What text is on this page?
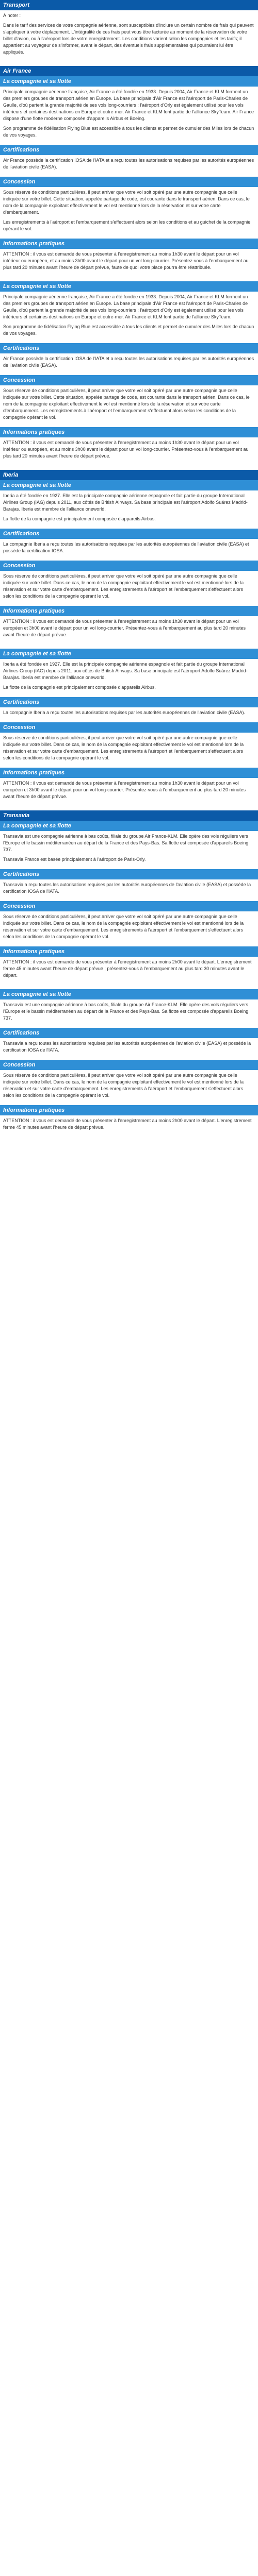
Transport

À noter :

Dans le tarif des services de votre compagnie aérienne, sont susceptibles d'inclure un certain nombre de frais qui peuvent s'appliquer à votre déplacement. L'intégralité de ces frais peut vous être facturée au moment de la réservation de votre billet d'avion, ou à l'aéroport lors de votre enregistrement. Les conditions varient selon les compagnies et les tarifs; il appartient au voyageur de s'informer, avant le départ, des éventuels frais supplémentaires qui pourraient lui être appliqués.

Air France
La compagnie et sa flotte

Principale compagnie aérienne française, Air France a été fondée en 1933. Depuis 2004, Air France et KLM forment un des premiers groupes de transport aérien en Europe. La base principale d'Air France est l'aéroport de Paris-Charles de Gaulle, d'où partent la grande majorité de ses vols long-courriers ; l'aéroport d'Orly est également utilisé pour les vols intérieurs et certaines destinations en Europe et outre-mer. Air France et KLM font partie de l'alliance SkyTeam. Air France dispose d'une flotte moderne composée d'appareils Airbus et Boeing.

Son programme de fidélisation Flying Blue est accessible à tous les clients et permet de cumuler des Miles lors de chacun de vos voyages.

Certifications

Air France possède la certification IOSA de l'IATA et a reçu toutes les autorisations requises par les autorités européennes de l'aviation civile (EASA).

Concession

Sous réserve de conditions particulières, il peut arriver que votre vol soit opéré par une autre compagnie que celle indiquée sur votre billet. Cette situation, appelée partage de code, est courante dans le transport aérien. Dans ce cas, le nom de la compagnie exploitant effectivement le vol est mentionné lors de la réservation et sur votre carte d'embarquement.

Les enregistrements à l'aéroport et l'embarquement s'effectuent alors selon les conditions et au guichet de la compagnie opérant le vol.

Informations pratiques

ATTENTION : il vous est demandé de vous présenter à l'enregistrement au moins 1h30 avant le départ pour un vol intérieur ou européen, et au moins 3h00 avant le départ pour un vol long-courrier. Présentez-vous à l'embarquement au plus tard 20 minutes avant l'heure de départ prévue, faute de quoi votre place pourra être réattribuée.

La compagnie et sa flotte

Principale compagnie aérienne française, Air France a été fondée en 1933. Depuis 2004, Air France et KLM forment un des premiers groupes de transport aérien en Europe. La base principale d'Air France est l'aéroport de Paris-Charles de Gaulle, d'où partent la grande majorité de ses vols long-courriers ; l'aéroport d'Orly est également utilisé pour les vols intérieurs et certaines destinations en Europe et outre-mer. Air France et KLM font partie de l'alliance SkyTeam.

Son programme de fidélisation Flying Blue est accessible à tous les clients et permet de cumuler des Miles lors de chacun de vos voyages.

Certifications

Air France possède la certification IOSA de l'IATA et a reçu toutes les autorisations requises par les autorités européennes de l'aviation civile (EASA).

Concession

Sous réserve de conditions particulières, il peut arriver que votre vol soit opéré par une autre compagnie que celle indiquée sur votre billet. Cette situation, appelée partage de code, est courante dans le transport aérien. Dans ce cas, le nom de la compagnie exploitant effectivement le vol est mentionné lors de la réservation et sur votre carte d'embarquement. Les enregistrements à l'aéroport et l'embarquement s'effectuent alors selon les conditions de la compagnie opérant le vol.

Informations pratiques

ATTENTION : il vous est demandé de vous présenter à l'enregistrement au moins 1h30 avant le départ pour un vol intérieur ou européen, et au moins 3h00 avant le départ pour un vol long-courrier. Présentez-vous à l'embarquement au plus tard 20 minutes avant l'heure de départ prévue.

Iberia
La compagnie et sa flotte

Iberia a été fondée en 1927. Elle est la principale compagnie aérienne espagnole et fait partie du groupe International Airlines Group (IAG) depuis 2011, aux côtés de British Airways. Sa base principale est l'aéroport Adolfo Suárez Madrid-Barajas. Iberia est membre de l'alliance oneworld.

La flotte de la compagnie est principalement composée d'appareils Airbus.

Certifications

La compagnie Iberia a reçu toutes les autorisations requises par les autorités européennes de l'aviation civile (EASA) et possède la certification IOSA.

Concession

Sous réserve de conditions particulières, il peut arriver que votre vol soit opéré par une autre compagnie que celle indiquée sur votre billet. Dans ce cas, le nom de la compagnie exploitant effectivement le vol est mentionné lors de la réservation et sur votre carte d'embarquement. Les enregistrements à l'aéroport et l'embarquement s'effectuent alors selon les conditions de la compagnie opérant le vol.

Informations pratiques

ATTENTION : il vous est demandé de vous présenter à l'enregistrement au moins 1h30 avant le départ pour un vol européen et 3h00 avant le départ pour un vol long-courrier. Présentez-vous à l'embarquement au plus tard 20 minutes avant l'heure de départ prévue.

La compagnie et sa flotte

Iberia a été fondée en 1927. Elle est la principale compagnie aérienne espagnole et fait partie du groupe International Airlines Group (IAG) depuis 2011, aux côtés de British Airways. Sa base principale est l'aéroport Adolfo Suárez Madrid-Barajas. Iberia est membre de l'alliance oneworld.

La flotte de la compagnie est principalement composée d'appareils Airbus.

Certifications

La compagnie Iberia a reçu toutes les autorisations requises par les autorités européennes de l'aviation civile (EASA).

Concession

Sous réserve de conditions particulières, il peut arriver que votre vol soit opéré par une autre compagnie que celle indiquée sur votre billet. Dans ce cas, le nom de la compagnie exploitant effectivement le vol est mentionné lors de la réservation et sur votre carte d'embarquement. Les enregistrements à l'aéroport et l'embarquement s'effectuent alors selon les conditions de la compagnie opérant le vol.

Informations pratiques

ATTENTION : il vous est demandé de vous présenter à l'enregistrement au moins 1h30 avant le départ pour un vol européen et 3h00 avant le départ pour un vol long-courrier. Présentez-vous à l'embarquement au plus tard 20 minutes avant l'heure de départ prévue.

Transavia
La compagnie et sa flotte

Transavia est une compagnie aérienne à bas coûts, filiale du groupe Air France-KLM. Elle opère des vols réguliers vers l'Europe et le bassin méditerranéen au départ de la France et des Pays-Bas. Sa flotte est composée d'appareils Boeing 737.

Transavia France est basée principalement à l'aéroport de Paris-Orly.

Certifications

Transavia a reçu toutes les autorisations requises par les autorités européennes de l'aviation civile (EASA) et possède la certification IOSA de l'IATA.

Concession

Sous réserve de conditions particulières, il peut arriver que votre vol soit opéré par une autre compagnie que celle indiquée sur votre billet. Dans ce cas, le nom de la compagnie exploitant effectivement le vol est mentionné lors de la réservation et sur votre carte d'embarquement. Les enregistrements à l'aéroport et l'embarquement s'effectuent alors selon les conditions de la compagnie opérant le vol.

Informations pratiques

ATTENTION : il vous est demandé de vous présenter à l'enregistrement au moins 2h00 avant le départ. L'enregistrement ferme 45 minutes avant l'heure de départ prévue ; présentez-vous à l'embarquement au plus tard 30 minutes avant le départ.

La compagnie et sa flotte

Transavia est une compagnie aérienne à bas coûts, filiale du groupe Air France-KLM. Elle opère des vols réguliers vers l'Europe et le bassin méditerranéen au départ de la France et des Pays-Bas. Sa flotte est composée d'appareils Boeing 737.

Certifications

Transavia a reçu toutes les autorisations requises par les autorités européennes de l'aviation civile (EASA) et possède la certification IOSA de l'IATA.

Concession

Sous réserve de conditions particulières, il peut arriver que votre vol soit opéré par une autre compagnie que celle indiquée sur votre billet. Dans ce cas, le nom de la compagnie exploitant effectivement le vol est mentionné lors de la réservation et sur votre carte d'embarquement. Les enregistrements à l'aéroport et l'embarquement s'effectuent alors selon les conditions de la compagnie opérant le vol.

Informations pratiques

ATTENTION : il vous est demandé de vous présenter à l'enregistrement au moins 2h00 avant le départ. L'enregistrement ferme 45 minutes avant l'heure de départ prévue.
